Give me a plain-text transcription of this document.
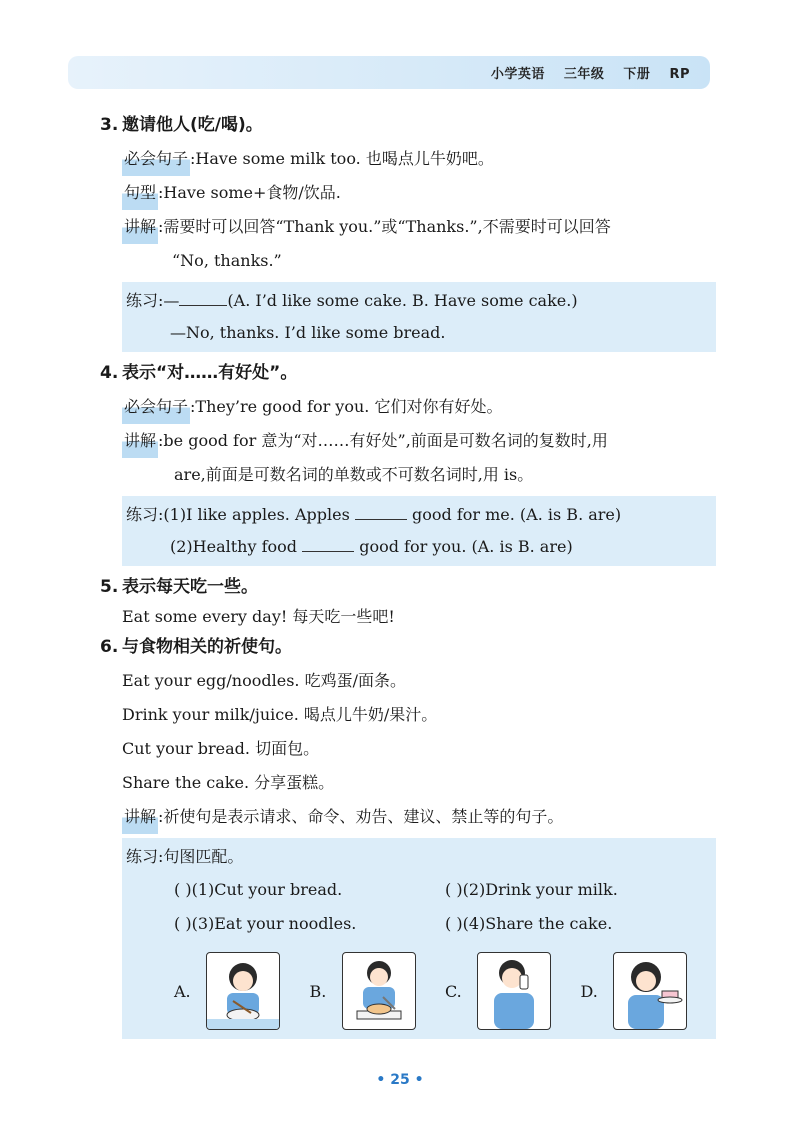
小学英语 三年级 下册 RP
3. 邀请他人(吃/喝)。
必会句子 :Have some milk too. 也喝点儿牛奶吧。
句型 :Have some+食物/饮品.
讲解 :需要时可以回答“Thank you.”或“Thanks.”,不需要时可以回答
“No, thanks.”
练习:—	(A. I’d like some cake. B. Have some cake.)
—No, thanks. I’d like some bread.
4. 表示“对……有好处”。
必会句子 :They’re good for you. 它们对你有好处。
讲解 :be good for 意为“对……有好处”,前面是可数名词的复数时,用
are,前面是可数名词的单数或不可数名词时,用 is。
练习:(1)I like apples. Apples	good for me. (A. is B. are)
(2)Healthy food	good for you. (A. is B. are)
5. 表示每天吃一些。
Eat some every day! 每天吃一些吧!
6. 与食物相关的祈使句。
Eat your egg/noodles. 吃鸡蛋/面条。
Drink your milk/juice. 喝点儿牛奶/果汁。
Cut your bread. 切面包。
Share the cake. 分享蛋糕。
讲解 :祈使句是表示请求、命令、劝告、建议、禁止等的句子。
练习:句图匹配。
( )(1)Cut your bread.	( )(2)Drink your milk.
( )(3)Eat your noodles.	( )(4)Share the cake.
A.	B.	C.	D.
• 25 •
